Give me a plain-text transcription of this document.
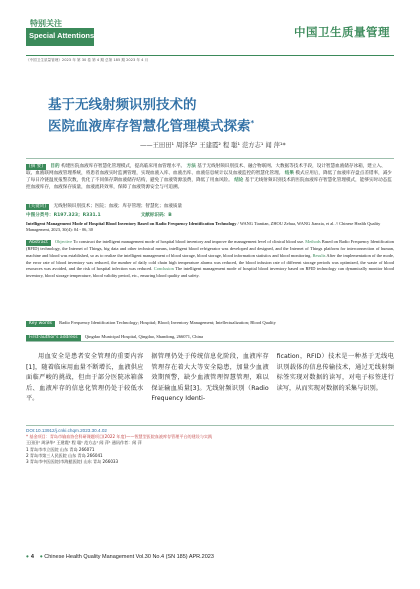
特别关注
Special Attentions	中国卫生质量管理
《中国卫生质量管理》2023 年 第 30 卷 第 4 期 总第 185 期 2023 年 4 月
基于无线射频识别技术的
医院血液库存智慧化管理模式探索*
——王田田¹ 周泽华² 王建霞² 程 聪¹ 范方志¹ 闻 萍¹*
[摘 要] 目的 构建医院血液库存智慧化管理模式，提高临床用血管理水平。 方法 基于无线射频识别技术、融合物联网、大数据等技术手段，设计智慧血液储存冰箱，建立入、取、血液联网血液管理系统，将患者血液实时监测管理，实现血液入库、血液出库、血液信息统计以及血液监控的智慧化管理。 结果 模式应用后，降低了血液库存盘点差错率，减少了每日冷链温度报警次数，优化了不同保存期血液储存结构，避免了血液资源浪费，降低了用血风险。 结论 基于无线射频识别技术的医院血液库存智慧化管理模式，能够实时动态监控血液库存，血液保存质量，血液流转效率，保障了血液资源安全与可追溯。
[关键词] 无线射频识别技术；医院；血液；库存管理；智慧化；血液质量
中图分类号：R197.323；R331.1	文献标识码：B
Intelligent Management Mode of Hospital Blood Inventory Based on Radio Frequency Identification Technology / WANG Tiantian, ZHOU Zehua, WANG Jianxia, et al. // Chinese Health Quality Management, 2023, 30(4): 04 - 06, 30
Abstract Objective To construct the intelligent management mode of hospital blood inventory and improve the management level of clinical blood use. Methods Based on Radio Frequency Identification (RFID) technology, the Internet of Things, big data and other technical means, intelligent blood refrigerator was developed and designed, and the Internet of Things platform for interconnection of human, machine and blood was established, so as to realize the intelligent management of blood storage, blood storage, blood information statistics and blood monitoring. Results After the implementation of the mode, the error rate of blood inventory was reduced, the number of daily cold chain high temperature alarms was reduced, the blood infusion rate of different storage periods was optimized, the waste of blood resources was avoided, and the risk of hospital infection was reduced. Conclusion The intelligent management mode of hospital blood inventory based on RFID technology can dynamically monitor blood inventory, blood storage temperature, blood validity period, etc., ensuring blood quality and safety.
Key words Radio Frequency Identification Technology; Hospital; Blood; Inventory Management; Intellectualization; Blood Quality
First-author's address Qingdao Municipal Hospital, Qingdao, Shandong, 266071, China
用血安全是患者安全管理的重要内容[1]，随着临床用血量不断增长，血液供应面临严峻的挑战，但由于部分医院冰箱落后、血液库存的信息化管理仍处于较低水平。
据管理仍处于传统信息化阶段，血液库存管理存在着大大等安全隐患，加量少血液效期预警，缺少血液管理智慧管理，难以保证输血质量[3]。无线射频识别（Radio Frequency Identi-
fication，RFID）技术是一种基于无线电识别载体的信息传输技术，通过无线射频标签实现对数据的读写，对电子标签进行读写，从而实现对数据的采集与识别。
DOI:10.13912/j.cnki.chqm.2023.30.4.02
* 基金项目：青岛市输血协会科研课题项目(2022 年度)——智慧型医院血液库存管理平台的建设与实践
王田田¹ 周泽华² 王建霞² 程 聪¹ 范方志¹ 闻 萍¹ 通讯作者：闻 萍
1 青岛市市立医院 山东 青岛 266071
2 青岛市第三人民医院 山东 青岛 266041
3 青岛市中医医院(市海慈医院) 山东 青岛 266033
• 4 • Chinese Health Quality Management Vol.30 No.4 (SN 185) APR.2023
